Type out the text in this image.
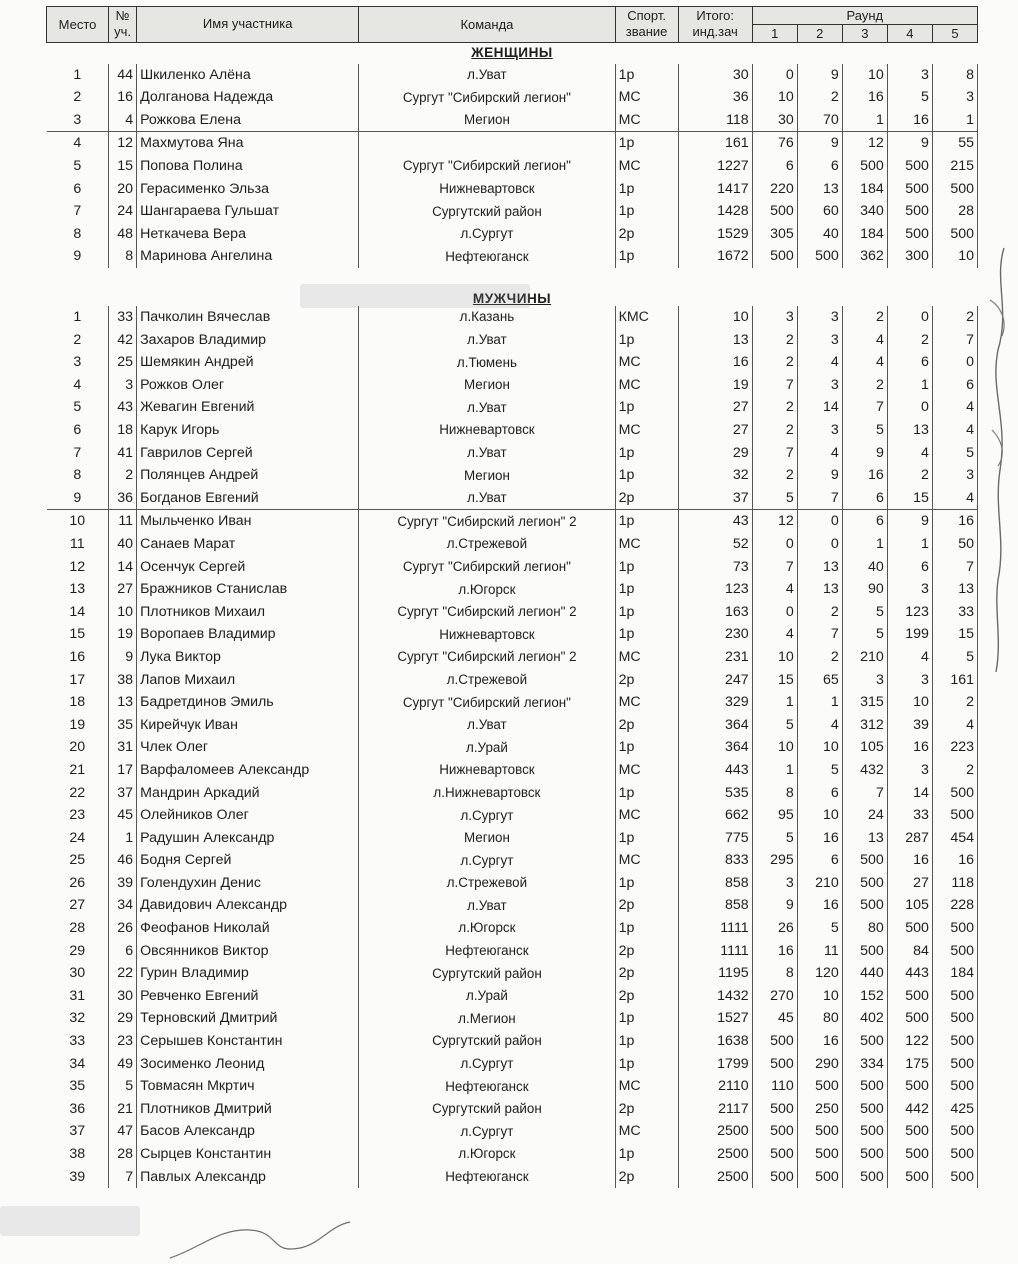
Место	№ уч.	Имя участника	Команда	Спорт. звание	Итого: инд.зач	Раунд				
						1	2	3	4	5
ЖЕНЩИНЫ										
1	44	Шкиленко Алёна	л.Уват	1р	30	0	9	10	3	8
2	16	Долганова Надежда	Сургут "Сибирский легион"	МС	36	10	2	16	5	3
3	4	Рожкова Елена	Мегион	МС	118	30	70	1	16	1
4	12	Махмутова Яна		1р	161	76	9	12	9	55
5	15	Попова Полина	Сургут "Сибирский легион"	МС	1227	6	6	500	500	215
6	20	Герасименко Эльза	Нижневартовск	1р	1417	220	13	184	500	500
7	24	Шангараева Гульшат	Сургутский район	1р	1428	500	60	340	500	28
8	48	Неткачева Вера	л.Сургут	2р	1529	305	40	184	500	500
9	8	Маринова Ангелина	Нефтеюганск	1р	1672	500	500	362	300	10
МУЖЧИНЫ										
1	33	Пачколин Вячеслав	л.Казань	КМС	10	3	3	2	0	2
2	42	Захаров Владимир	л.Уват	1р	13	2	3	4	2	7
3	25	Шемякин Андрей	л.Тюмень	МС	16	2	4	4	6	0
4	3	Рожков Олег	Мегион	МС	19	7	3	2	1	6
5	43	Жевагин Евгений	л.Уват	1р	27	2	14	7	0	4
6	18	Карук Игорь	Нижневартовск	МС	27	2	3	5	13	4
7	41	Гаврилов Сергей	л.Уват	1р	29	7	4	9	4	5
8	2	Полянцев Андрей	Мегион	1р	32	2	9	16	2	3
9	36	Богданов Евгений	л.Уват	2р	37	5	7	6	15	4
10	11	Мыльченко Иван	Сургут "Сибирский легион" 2	1р	43	12	0	6	9	16
11	40	Санаев Марат	л.Стрежевой	МС	52	0	0	1	1	50
12	14	Осенчук Сергей	Сургут "Сибирский легион"	1р	73	7	13	40	6	7
13	27	Бражников Станислав	л.Югорск	1р	123	4	13	90	3	13
14	10	Плотников Михаил	Сургут "Сибирский легион" 2	1р	163	0	2	5	123	33
15	19	Воропаев Владимир	Нижневартовск	1р	230	4	7	5	199	15
16	9	Лука Виктор	Сургут "Сибирский легион" 2	МС	231	10	2	210	4	5
17	38	Лапов Михаил	л.Стрежевой	2р	247	15	65	3	3	161
18	13	Бадретдинов Эмиль	Сургут "Сибирский легион"	МС	329	1	1	315	10	2
19	35	Кирейчук Иван	л.Уват	2р	364	5	4	312	39	4
20	31	Члек Олег	л.Урай	1р	364	10	10	105	16	223
21	17	Варфаломеев Александр	Нижневартовск	МС	443	1	5	432	3	2
22	37	Мандрин Аркадий	л.Нижневартовск	1р	535	8	6	7	14	500
23	45	Олейников Олег	л.Сургут	МС	662	95	10	24	33	500
24	1	Радушин Александр	Мегион	1р	775	5	16	13	287	454
25	46	Бодня Сергей	л.Сургут	МС	833	295	6	500	16	16
26	39	Голендухин Денис	л.Стрежевой	1р	858	3	210	500	27	118
27	34	Давидович Александр	л.Уват	2р	858	9	16	500	105	228
28	26	Феофанов Николай	л.Югорск	1р	1111	26	5	80	500	500
29	6	Овсянников Виктор	Нефтеюганск	2р	1111	16	11	500	84	500
30	22	Гурин Владимир	Сургутский район	2р	1195	8	120	440	443	184
31	30	Ревченко Евгений	л.Урай	2р	1432	270	10	152	500	500
32	29	Терновский Дмитрий	л.Мегион	1р	1527	45	80	402	500	500
33	23	Серышев Константин	Сургутский район	1р	1638	500	16	500	122	500
34	49	Зосименко Леонид	л.Сургут	1р	1799	500	290	334	175	500
35	5	Товмасян Мкртич	Нефтеюганск	МС	2110	110	500	500	500	500
36	21	Плотников Дмитрий	Сургутский район	2р	2117	500	250	500	442	425
37	47	Басов Александр	л.Сургут	МС	2500	500	500	500	500	500
38	28	Сырцев Константин	л.Югорск	1р	2500	500	500	500	500	500
39	7	Павлых Александр	Нефтеюганск	2р	2500	500	500	500	500	500
